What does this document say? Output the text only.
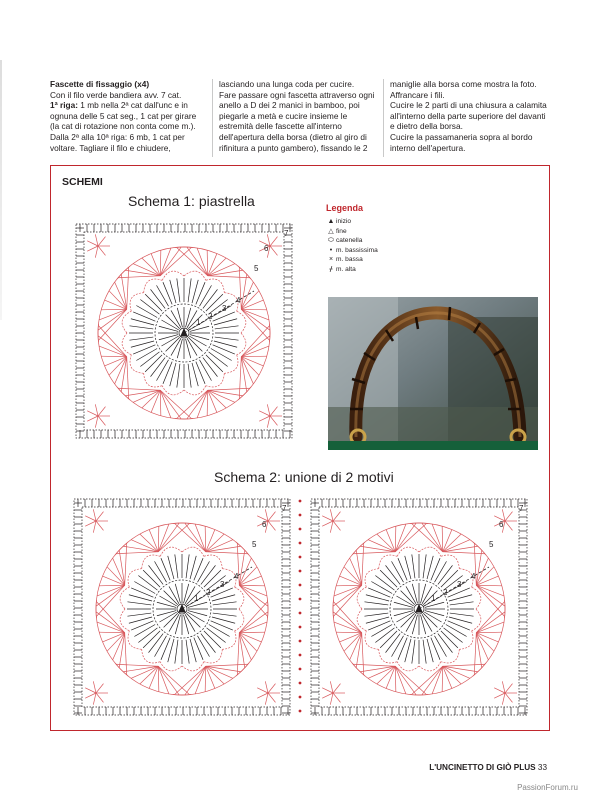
Fascette di fissaggio (x4)

Con il filo verde bandiera avv. 7 cat.

1ª riga: 1 mb nella 2ª cat dall'unc e in ognuna delle 5 cat seg., 1 cat per girare (la cat di rotazione non conta come m.).

Dalla 2ª alla 10ª riga: 6 mb, 1 cat per voltare. Tagliare il filo e chiudere,

lasciando una lunga coda per cucire.

Fare passare ogni fascetta attraverso ogni anello a D dei 2 manici in bamboo, poi piegarle a metà e cucire insieme le estremità delle fascette all'interno dell'apertura della borsa (dietro al giro di rifinitura a punto gambero), fissando le 2

maniglie alla borsa come mostra la foto. Affrancare i fili.

Cucire le 2 parti di una chiusura a calamita all'interno della parte superiore del davanti e dietro della borsa.

Cucire la passamaneria sopra al bordo interno dell'apertura.

SCHEMI
Schema 1: piastrella
1
2
3
4
5
6
7
Legenda
▲ inizio
△ fine
⬭ catenella
• m. bassissima
× m. bassa
ᚋ m. alta
Schema 2: unione di 2 motivi
1
2
3
4
5
6
7
1
2
3
4
5
6
7
L'UNCINETTO DI GIÒ PLUS 33
PassionForum.ru
